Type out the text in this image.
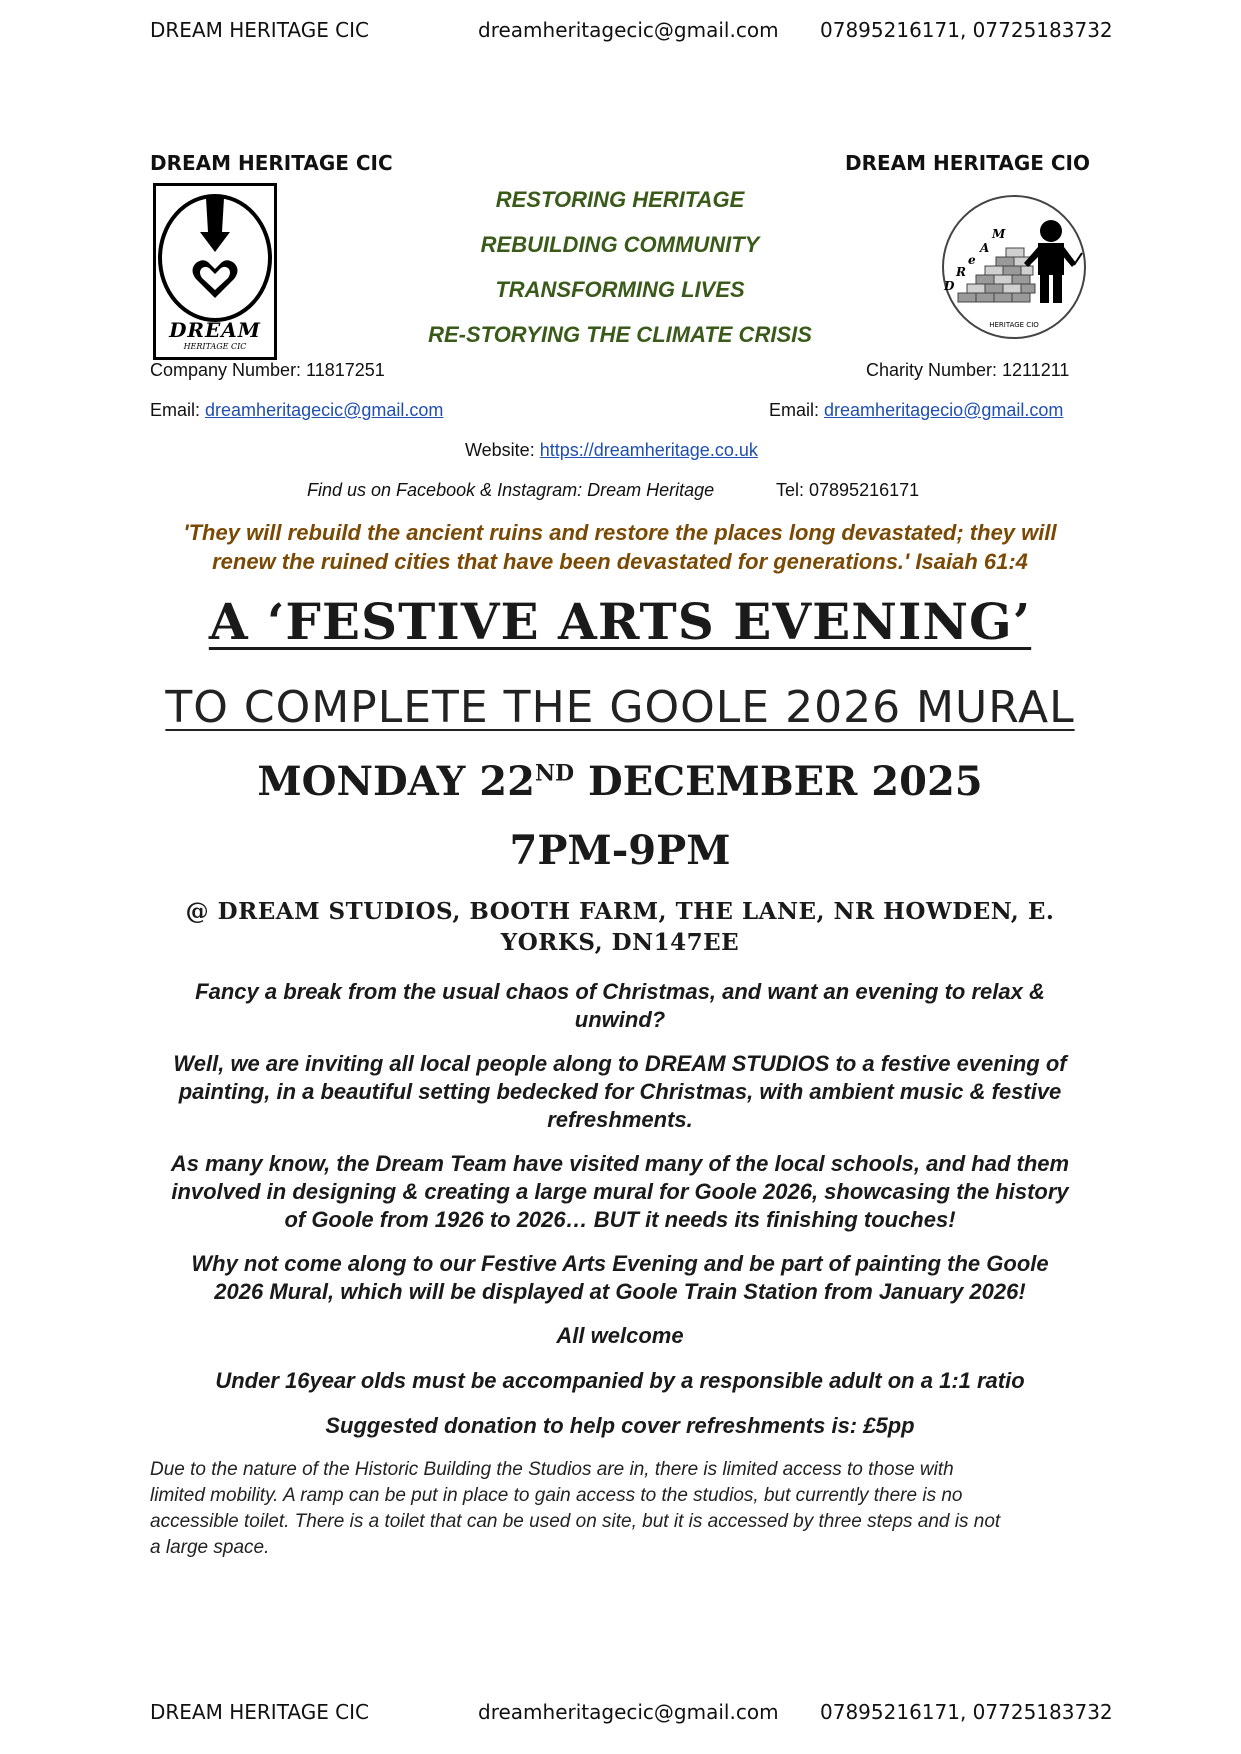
DREAM HERITAGE CIC	dreamheritagecic@gmail.com 07895216171, 07725183732
DREAM HERITAGE CIC	DREAM HERITAGE CIO
DREAM
HERITAGE CIC
RESTORING HERITAGE
REBUILDING COMMUNITY
TRANSFORMING LIVES
RE-STORYING THE CLIMATE CRISIS
D
R
e
A
M
HERITAGE CIO
Company Number: 11817251	Charity Number: 1211211
Email: dreamheritagecic@gmail.com	Email: dreamheritagecio@gmail.com
Website: https://dreamheritage.co.uk
Find us on Facebook & Instagram: Dream Heritage	Tel: 07895216171
'They will rebuild the ancient ruins and restore the places long devastated; they will
renew the ruined cities that have been devastated for generations.' Isaiah 61:4
A ‘FESTIVE ARTS EVENING’
TO COMPLETE THE GOOLE 2026 MURAL
MONDAY 22ND DECEMBER 2025
7PM-9PM
@ DREAM STUDIOS, BOOTH FARM, THE LANE, NR HOWDEN, E.
YORKS, DN147EE
Fancy a break from the usual chaos of Christmas, and want an evening to relax &
unwind?
Well, we are inviting all local people along to DREAM STUDIOS to a festive evening of
painting, in a beautiful setting bedecked for Christmas, with ambient music & festive
refreshments.
As many know, the Dream Team have visited many of the local schools, and had them
involved in designing & creating a large mural for Goole 2026, showcasing the history
of Goole from 1926 to 2026… BUT it needs its finishing touches!
Why not come along to our Festive Arts Evening and be part of painting the Goole
2026 Mural, which will be displayed at Goole Train Station from January 2026!
All welcome
Under 16year olds must be accompanied by a responsible adult on a 1:1 ratio
Suggested donation to help cover refreshments is: £5pp
Due to the nature of the Historic Building the Studios are in, there is limited access to those with
limited mobility. A ramp can be put in place to gain access to the studios, but currently there is no
accessible toilet. There is a toilet that can be used on site, but it is accessed by three steps and is not
a large space.
DREAM HERITAGE CIC	dreamheritagecic@gmail.com 07895216171, 07725183732
